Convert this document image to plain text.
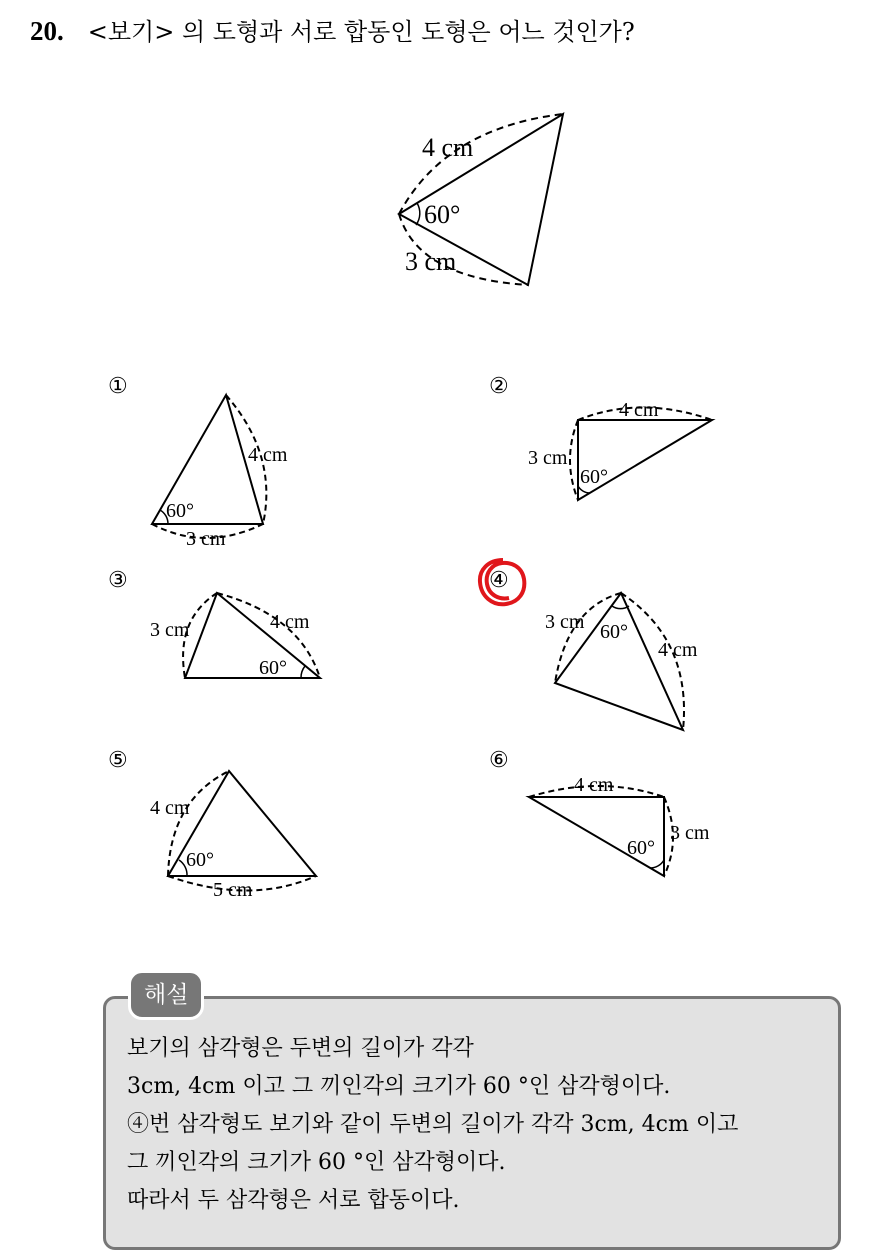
20. <보기> 의 도형과 서로 합동인 도형은 어느 것인가?
4 cm
3 cm
60°
①	②
③	④
⑤	⑥
4 cm
3 cm
60°
4 cm
3 cm
60°
3 cm	4 cm
60°
3 cm
4 cm
60°
4 cm
5 cm
60°
4 cm
3 cm
60°
해설
보기의 삼각형은 두변의 길이가 각각
3cm, 4cm 이고 그 끼인각의 크기가 60 °인 삼각형이다.
④번 삼각형도 보기와 같이 두변의 길이가 각각 3cm, 4cm 이고
그 끼인각의 크기가 60 °인 삼각형이다.
따라서 두 삼각형은 서로 합동이다.
